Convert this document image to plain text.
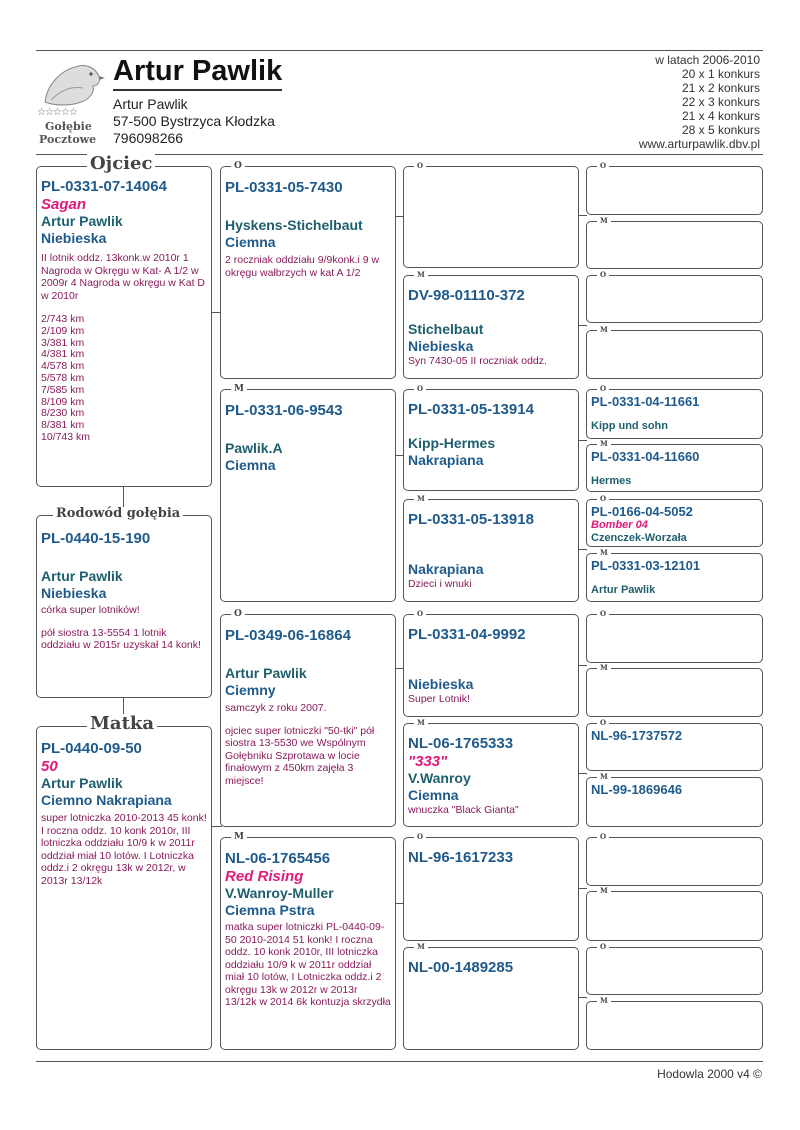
☆☆☆☆☆
Gołębie
Pocztowe
Artur Pawlik
Artur Pawlik
57-500 Bystrzyca Kłodzka
796098266
w latach 2006-2010
20 x 1 konkurs
21 x 2 konkurs
22 x 3 konkurs
21 x 4 konkurs
28 x 5 konkurs
www.arturpawlik.dbv.pl
Ojciec
PL-0331-07-14064
Sagan
Artur Pawlik
Niebieska
II lotnik oddz. 13konk.w 2010r 1 Nagroda w Okręgu w Kat- A 1/2 w 2009r 4 Nagroda w okręgu w Kat D w 2010r
2/743 km
2/109 km
3/381 km
4/381 km
4/578 km
5/578 km
7/585 km
8/109 km
8/230 km
8/381 km
10/743 km
Rodowód gołębia
PL-0440-15-190
Artur Pawlik
Niebieska
córka super lotników!
pół siostra 13-5554 1 lotnik oddziału w 2015r uzyskał 14 konk!
Matka
PL-0440-09-50
50
Artur Pawlik
Ciemno Nakrapiana
super lotniczka 2010-2013 45 konk! I roczna oddz. 10 konk 2010r, III lotniczka oddziału 10/9 k w 2011r oddział miał 10 lotów. I Lotniczka oddz.i 2 okręgu 13k w 2012r, w 2013r 13/12k
O
PL-0331-05-7430
Hyskens-Stichelbaut
Ciemna
2 roczniak oddziału 9/9konk.i 9 w okręgu wałbrzych w kat A 1/2
M
PL-0331-06-9543
Pawlik.A
Ciemna
O
PL-0349-06-16864
Artur Pawlik
Ciemny
samczyk z roku 2007.
ojciec super lotniczki "50-tki" pół siostra 13-5530 we Wspólnym Gołębniku Szprotawa w locie finałowym z 450km zajęła 3 miejsce!
M
NL-06-1765456
Red Rising
V.Wanroy-Muller
Ciemna Pstra
matka super lotniczki PL-0440-09-50 2010-2014 51 konk! I roczna oddz. 10 konk 2010r, III lotniczka oddziału 10/9 k w 2011r oddział miał 10 lotów, I Lotniczka oddz.i 2 okręgu 13k w 2012r w 2013r 13/12k w 2014 6k kontuzja skrzydła
O
M
DV-98-01110-372
Stichelbaut
Niebieska
Syn 7430-05 II roczniak oddz.
O
PL-0331-05-13914
Kipp-Hermes
Nakrapiana
M
PL-0331-05-13918
Nakrapiana
Dzieci i wnuki
O
PL-0331-04-9992
Niebieska
Super Lotnik!
M
NL-06-1765333
"333"
V.Wanroy
Ciemna
wnuczka "Black Gianta"
O
NL-96-1617233
M
NL-00-1489285
O
M
O
M
O
PL-0331-04-11661
Kipp und sohn
M
PL-0331-04-11660
Hermes
O
PL-0166-04-5052
Bomber 04
Czenczek-Worzała
M
PL-0331-03-12101
Artur Pawlik
O
M
O
NL-96-1737572
M
NL-99-1869646
O
M
O
M
Hodowla 2000 v4 ©
